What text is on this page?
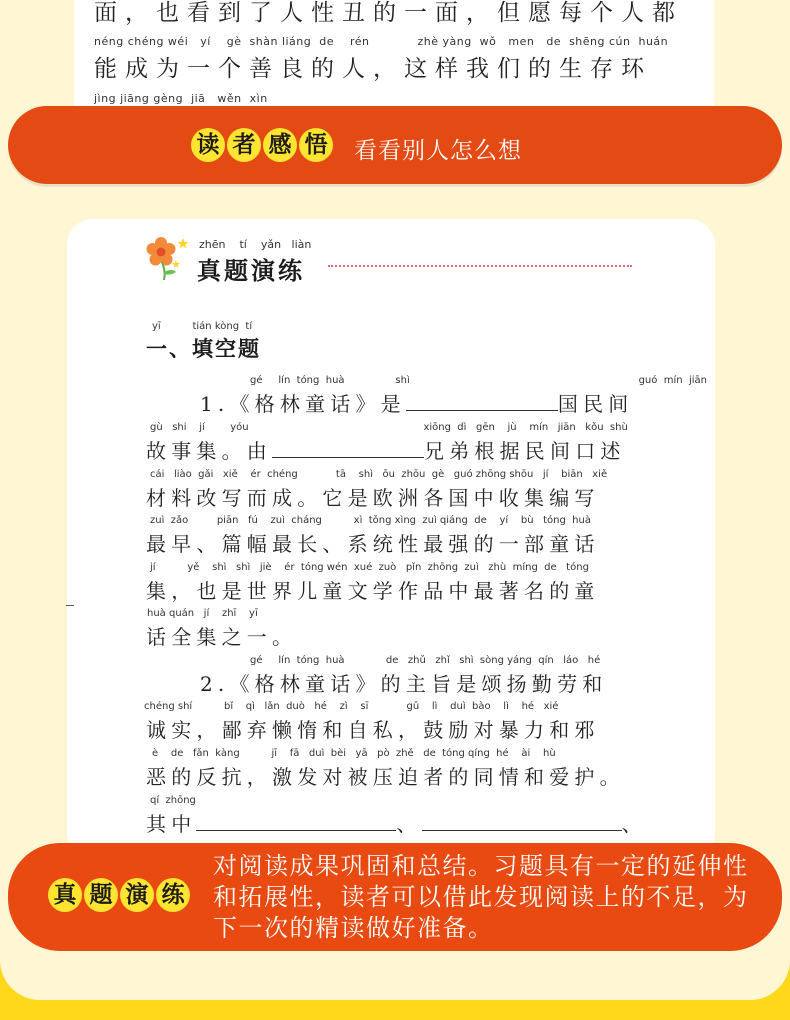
面，也看到了人性丑的一面，但愿每个人都
néng chéng wéi   yí    gè  shàn liáng  de    rén            zhè yàng  wǒ   men   de  shēng cún  huán
能成为一个善良的人，这样我们的生存环
jìng jiāng gèng  jiā   wěn  xìn
读 者 感 悟 看看别人怎么想
zhēn    tí    yǎn   liàn
真题演练
yī          tián kòng  tí
一、填空题
gé     lín  tóng  huà                shì                                                                        guó  mín  jiān
1.《格林童话》是	国民间
gù   shi    jí        yóu                                                       xiōng  dì   gēn    jù    mín   jiān   kǒu  shù
故事集。由	兄弟根据民间口述
cái   liào  gǎi   xiě    ér  chéng            tā    shì   ōu  zhōu  gè   guó zhōng shōu   jí    biān   xiě
材料改写而成。它是欧洲各国中收集编写
zuì  zǎo         piān   fú    zuì  cháng          xì  tǒng xìng  zuì qiáng  de    yí    bù   tóng  huà
最早、篇幅最长、系统性最强的一部童话
jí          yě    shì   shì   jiè    ér  tóng wén  xué  zuò   pǐn  zhōng  zuì   zhù  míng  de   tóng
集，也是世界儿童文学作品中最著名的童
huà quán   jí    zhī    yī
话全集之一。
gé     lín  tóng  huà             de   zhǔ   zhǐ   shì  sòng yáng  qín   láo   hé
2.《格林童话》的主旨是颂扬勤劳和
chéng shí          bǐ    qì   lǎn  duò   hé    zì    sī            gǔ    lì    duì  bào    lì    hé   xié
诚实，鄙弃懒惰和自私，鼓励对暴力和邪
è    de   fǎn  kàng          jī    fā   duì  bèi   yā   pò  zhě   de  tóng qíng  hé    ài    hù
恶的反抗，激发对被压迫者的同情和爱护。
qí  zhōng
其中	、	、
真 题 演 练
对阅读成果巩固和总结。习题具有一定的延伸性和拓展性，读者可以借此发现阅读上的不足，为下一次的精读做好准备。
